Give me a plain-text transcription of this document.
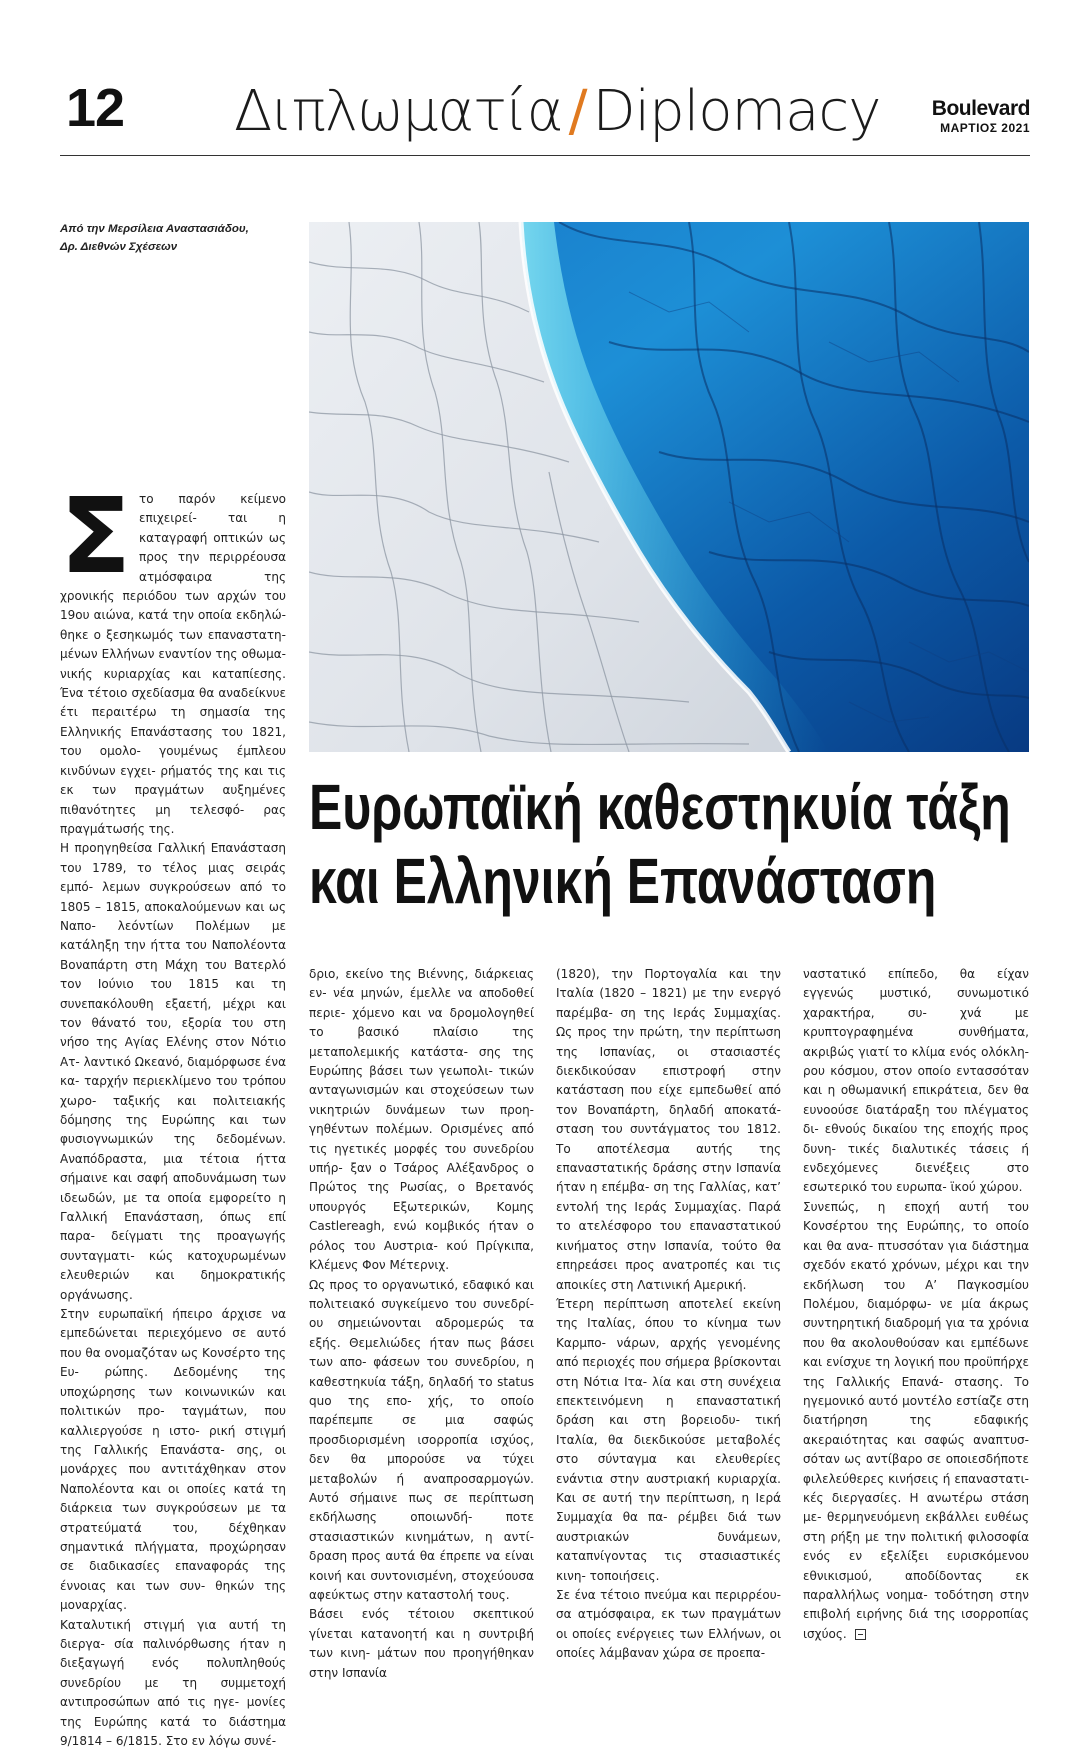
12 Διπλωματία / Diplomacy Boulevard
ΜΑΡΤΙΟΣ 2021
Από την Μερσίλεια Αναστασιάδου,
Δρ. Διεθνών Σχέσεων
Ευρωπαϊκή καθεστηκυία τάξη
και Ελληνική Επανάσταση
Σ το παρόν κείμενο επιχειρεί- ται η καταγραφή οπτικών ως προς την περιρρέουσα ατμόσφαιρα της χρονικής περιόδου των αρχών του 19ου αιώνα, κατά την οποία εκδηλώ- θηκε ο ξεσηκωμός των επαναστατη- μένων Ελλήνων εναντίον της οθωμα- νικής κυριαρχίας και καταπίεσης. Ένα τέτοιο σχεδίασμα θα αναδείκνυε έτι περαιτέρω τη σημασία της Ελληνικής Επανάστασης του 1821, του ομολο- γουμένως έμπλεου κινδύνων εγχει- ρήματός της και τις εκ των πραγμάτων αυξημένες πιθανότητες μη τελεσφό- ρας πραγμάτωσής της.

Η προηγηθείσα Γαλλική Επανάσταση του 1789, το τέλος μιας σειράς εμπό- λεμων συγκρούσεων από το 1805 – 1815, αποκαλούμενων και ως Ναπο- λεόντίων Πολέμων με κατάληξη την ήττα του Ναπολέοντα Βοναπάρτη στη Μάχη του Βατερλό τον Ιούνιο του 1815 και τη συνεπακόλουθη εξαετή, μέχρι και τον θάνατό του, εξορία του στη νήσο της Αγίας Ελένης στον Νότιο Ατ- λαντικό Ωκεανό, διαμόρφωσε ένα κα- ταρχήν περιεκλίμενο του τρόπου χωρο- ταξικής και πολιτειακής δόμησης της Ευρώπης και των φυσιογνωμικών της δεδομένων. Αναπόδραστα, μια τέτοια ήττα σήμαινε και σαφή αποδυνάμωση των ιδεωδών, με τα οποία εμφορείτο η Γαλλική Επανάσταση, όπως επί παρα- δείγματι της προαγωγής συνταγματι- κώς κατοχυρωμένων ελευθεριών και δημοκρατικής οργάνωσης.

Στην ευρωπαϊκή ήπειρο άρχισε να εμπεδώνεται περιεχόμενο σε αυτό που θα ονομαζόταν ως Κονσέρτο της Ευ- ρώπης. Δεδομένης της υποχώρησης των κοινωνικών και πολιτικών προ- ταγμάτων, που καλλιεργούσε η ιστο- ρική στιγμή της Γαλλικής Επανάστα- σης, οι μονάρχες που αντιτάχθηκαν στον Ναπολέοντα και οι οποίες κατά τη διάρκεια των συγκρούσεων με τα στρατεύματά του, δέχθηκαν σημαντικά πλήγματα, προχώρησαν σε διαδικασίες επαναφοράς της έννοιας και των συν- θηκών της μοναρχίας.

Καταλυτική στιγμή για αυτή τη διεργα- σία παλινόρθωσης ήταν η διεξαγωγή ενός πολυπληθούς συνεδρίου με τη συμμετοχή αντιπροσώπων από τις ηγε- μονίες της Ευρώπης κατά το διάστημα 9/1814 – 6/1815. Στο εν λόγω συνέ-

δριο, εκείνο της Βιέννης, διάρκειας εν- νέα μηνών, έμελλε να αποδοθεί περιε- χόμενο και να δρομολογηθεί το βασικό πλαίσιο της μεταπολεμικής κατάστα- σης της Ευρώπης βάσει των γεωπολι- τικών ανταγωνισμών και στοχεύσεων των νικητριών δυνάμεων των προη- γηθέντων πολέμων. Ορισμένες από τις ηγετικές μορφές του συνεδρίου υπήρ- ξαν ο Τσάρος Αλέξανδρος ο Πρώτος της Ρωσίας, ο Βρετανός υπουργός Εξωτερικών, Κομης Castlereagh, ενώ κομβικός ήταν ο ρόλος του Αυστρια- κού Πρίγκιπα, Κλέμενς Φον Μέτερνιχ.

Ως προς το οργανωτικό, εδαφικό και πολιτειακό συγκείμενο του συνεδρί- ου σημειώνονται αδρομερώς τα εξής. Θεμελιώδες ήταν πως βάσει των απο- φάσεων του συνεδρίου, η καθεστηκυία τάξη, δηλαδή το status quo της επο- χής, το οποίο παρέπεμπε σε μια σαφώς προσδιορισμένη ισορροπία ισχύος, δεν θα μπορούσε να τύχει μεταβολών ή αναπροσαρμογών. Αυτό σήμαινε πως σε περίπτωση εκδήλωσης οποιωνδή- ποτε στασιαστικών κινημάτων, η αντί- δραση προς αυτά θα έπρεπε να είναι κοινή και συντονισμένη, στοχεύουσα αφεύκτως στην καταστολή τους.

Βάσει ενός τέτοιου σκεπτικού γίνεται κατανοητή και η συντριβή των κινη- μάτων που προηγήθηκαν στην Ισπανία

(1820), την Πορτογαλία και την Ιταλία (1820 – 1821) με την ενεργό παρέμβα- ση της Ιεράς Συμμαχίας. Ως προς την πρώτη, την περίπτωση της Ισπανίας, οι στασιαστές διεκδικούσαν επιστροφή στην κατάσταση που είχε εμπεδωθεί από τον Βοναπάρτη, δηλαδή αποκατά- σταση του συντάγματος του 1812. Το αποτέλεσμα αυτής της επαναστατικής δράσης στην Ισπανία ήταν η επέμβα- ση της Γαλλίας, κατ’ εντολή της Ιεράς Συμμαχίας. Παρά το ατελέσφορο του επαναστατικού κινήματος στην Ισπανία, τούτο θα επηρεάσει προς ανατροπές και τις αποικίες στη Λατινική Αμερική.

Έτερη περίπτωση αποτελεί εκείνη της Ιταλίας, όπου το κίνημα των Καρμπο- νάρων, αρχής γενομένης από περιοχές που σήμερα βρίσκονται στη Νότια Ιτα- λία και στη συνέχεια επεκτεινόμενη η επαναστατική δράση και στη βορειοδυ- τική Ιταλία, θα διεκδικούσε μεταβολές στο σύνταγμα και ελευθερίες ενάντια στην αυστριακή κυριαρχία. Και σε αυτή την περίπτωση, η Ιερά Συμμαχία θα πα- ρέμβει διά των αυστριακών δυνάμεων, καταπνίγοντας τις στασιαστικές κινη- τοποιήσεις.

Σε ένα τέτοιο πνεύμα και περιρρέου- σα ατμόσφαιρα, εκ των πραγμάτων οι οποίες ενέργειες των Ελλήνων, οι οποίες λάμβαναν χώρα σε προεπα-

ναστατικό επίπεδο, θα είχαν εγγενώς μυστικό, συνωμοτικό χαρακτήρα, συ- χνά με κρυπτογραφημένα συνθήματα, ακριβώς γιατί το κλίμα ενός ολόκλη- ρου κόσμου, στον οποίο εντασσόταν και η οθωμανική επικράτεια, δεν θα ευνοούσε διατάραξη του πλέγματος δι- εθνούς δικαίου της εποχής προς δυνη- τικές διαλυτικές τάσεις ή ενδεχόμενες διενέξεις στο εσωτερικό του ευρωπα- ϊκού χώρου.

Συνεπώς, η εποχή αυτή του Κονσέρτου της Ευρώπης, το οποίο και θα ανα- πτυσσόταν για διάστημα σχεδόν εκατό χρόνων, μέχρι και την εκδήλωση του Α’ Παγκοσμίου Πολέμου, διαμόρφω- νε μία άκρως συντηρητική διαδρομή για τα χρόνια που θα ακολουθούσαν και εμπέδωνε και ενίσχυε τη λογική που προϋπήρχε της Γαλλικής Επανά- στασης. Το ηγεμονικό αυτό μοντέλο εστίαζε στη διατήρηση της εδαφικής ακεραιότητας και σαφώς αναπτυσ- σόταν ως αντίβαρο σε οποιεσδήποτε φιλελεύθερες κινήσεις ή επαναστατι- κές διεργασίες. Η ανωτέρω στάση με- θερμηνευόμενη εκβάλλει ευθέως στη ρήξη με την πολιτική φιλοσοφία ενός εν εξελίξει ευρισκόμενου εθνικισμού, αποδίδοντας εκ παραλλήλως νοημα- τοδότηση στην επιβολή ειρήνης διά της ισορροπίας ισχύος.
